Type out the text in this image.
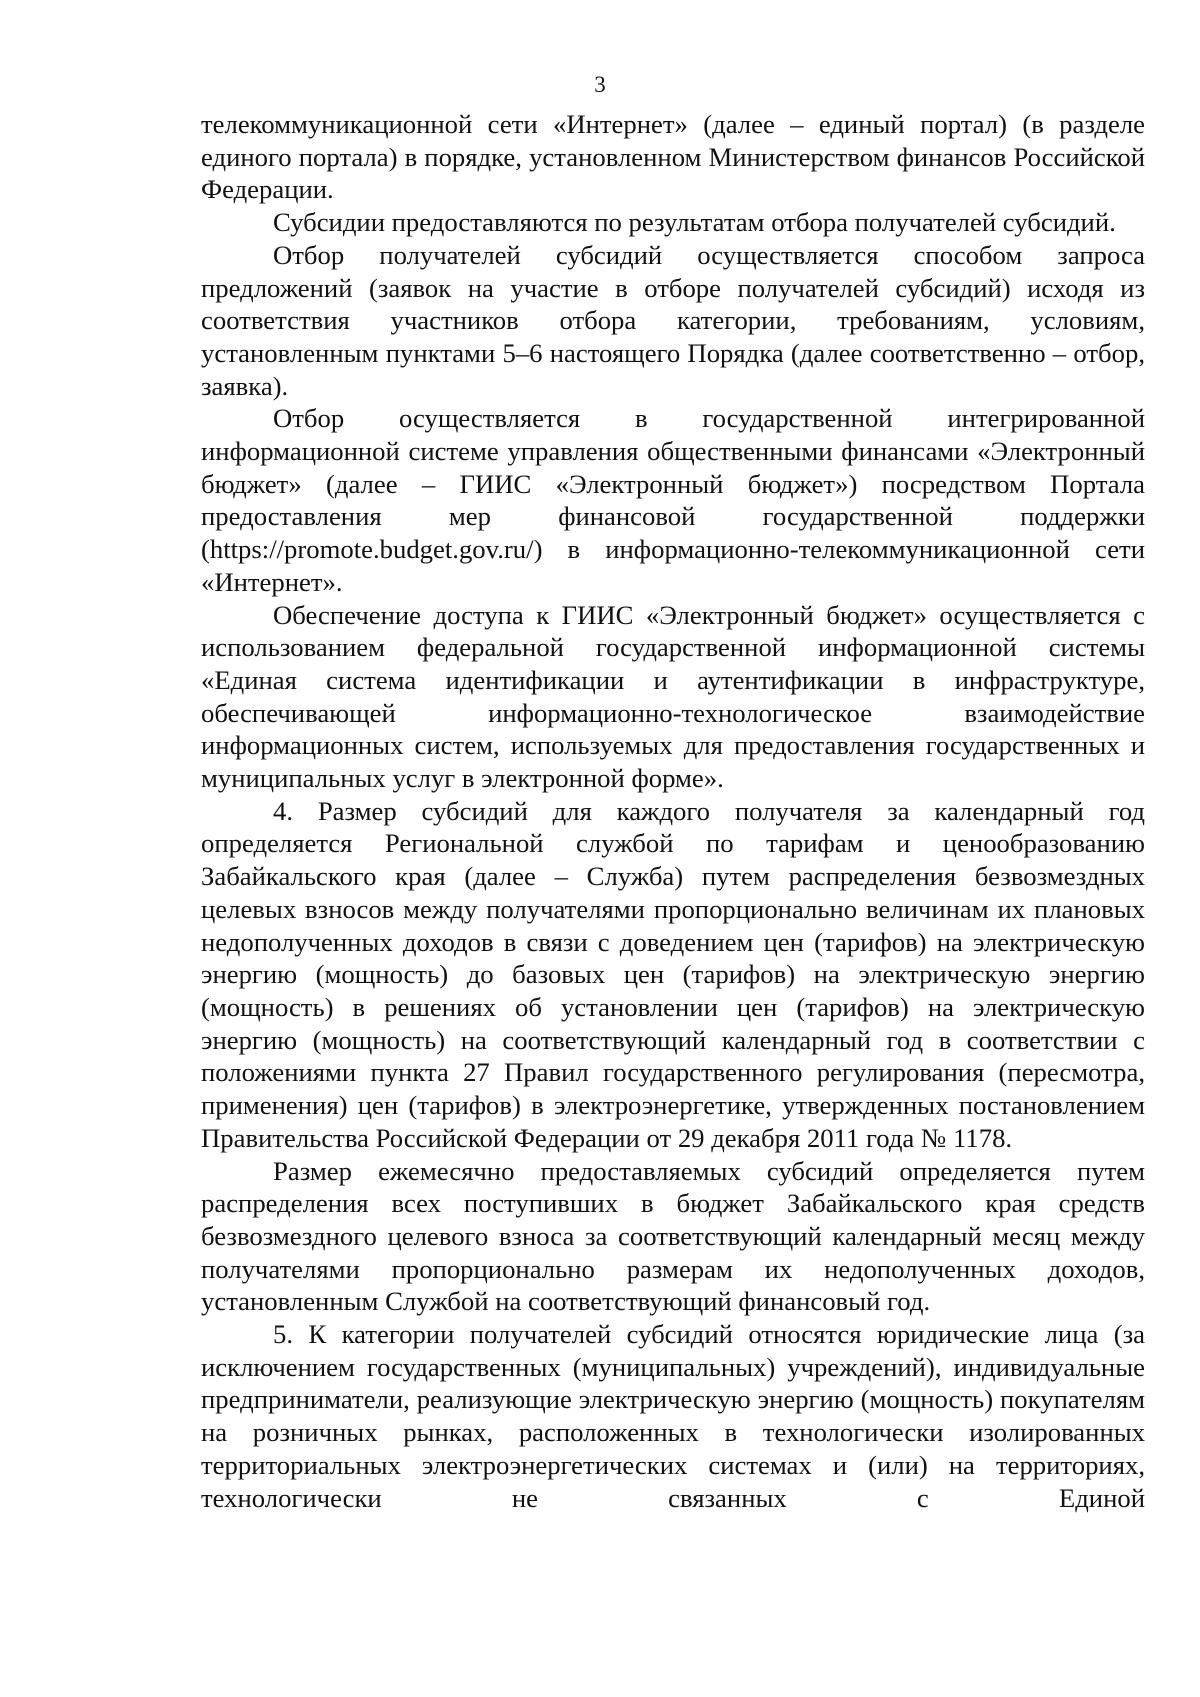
3

телекоммуникационной сети «Интернет» (далее – единый портал) (в разделе единого портала) в порядке, установленном Министерством финансов Российской Федерации.

Субсидии предоставляются по результатам отбора получателей субсидий.

Отбор получателей субсидий осуществляется способом запроса предложений (заявок на участие в отборе получателей субсидий) исходя из соответствия участников отбора категории, требованиям, условиям, установленным пунктами 5–6 настоящего Порядка (далее соответственно – отбор, заявка).

Отбор осуществляется в государственной интегрированной информационной системе управления общественными финансами «Электронный бюджет» (далее – ГИИС «Электронный бюджет») посредством Портала предоставления мер финансовой государственной поддержки (https://promote.budget.gov.ru/) в информационно-телекоммуникационной сети «Интернет».

Обеспечение доступа к ГИИС «Электронный бюджет» осуществляется с использованием федеральной государственной информационной системы «Единая система идентификации и аутентификации в инфраструктуре, обеспечивающей информационно-технологическое взаимодействие информационных систем, используемых для предоставления государственных и муниципальных услуг в электронной форме».

4. Размер субсидий для каждого получателя за календарный год определяется Региональной службой по тарифам и ценообразованию Забайкальского края (далее – Служба) путем распределения безвозмездных целевых взносов между получателями пропорционально величинам их плановых недополученных доходов в связи с доведением цен (тарифов) на электрическую энергию (мощность) до базовых цен (тарифов) на электрическую энергию (мощность) в решениях об установлении цен (тарифов) на электрическую энергию (мощность) на соответствующий календарный год в соответствии с положениями пункта 27 Правил государственного регулирования (пересмотра, применения) цен (тарифов) в электроэнергетике, утвержденных постановлением Правительства Российской Федерации от 29 декабря 2011 года № 1178.

Размер ежемесячно предоставляемых субсидий определяется путем распределения всех поступивших в бюджет Забайкальского края средств безвозмездного целевого взноса за соответствующий календарный месяц между получателями пропорционально размерам их недополученных доходов, установленным Службой на соответствующий финансовый год.

5. К категории получателей субсидий относятся юридические лица (за исключением государственных (муниципальных) учреждений), индивидуальные предприниматели, реализующие электрическую энергию (мощность) покупателям на розничных рынках, расположенных в технологически изолированных территориальных электроэнергетических системах и (или) на территориях, технологически не связанных с Единой
